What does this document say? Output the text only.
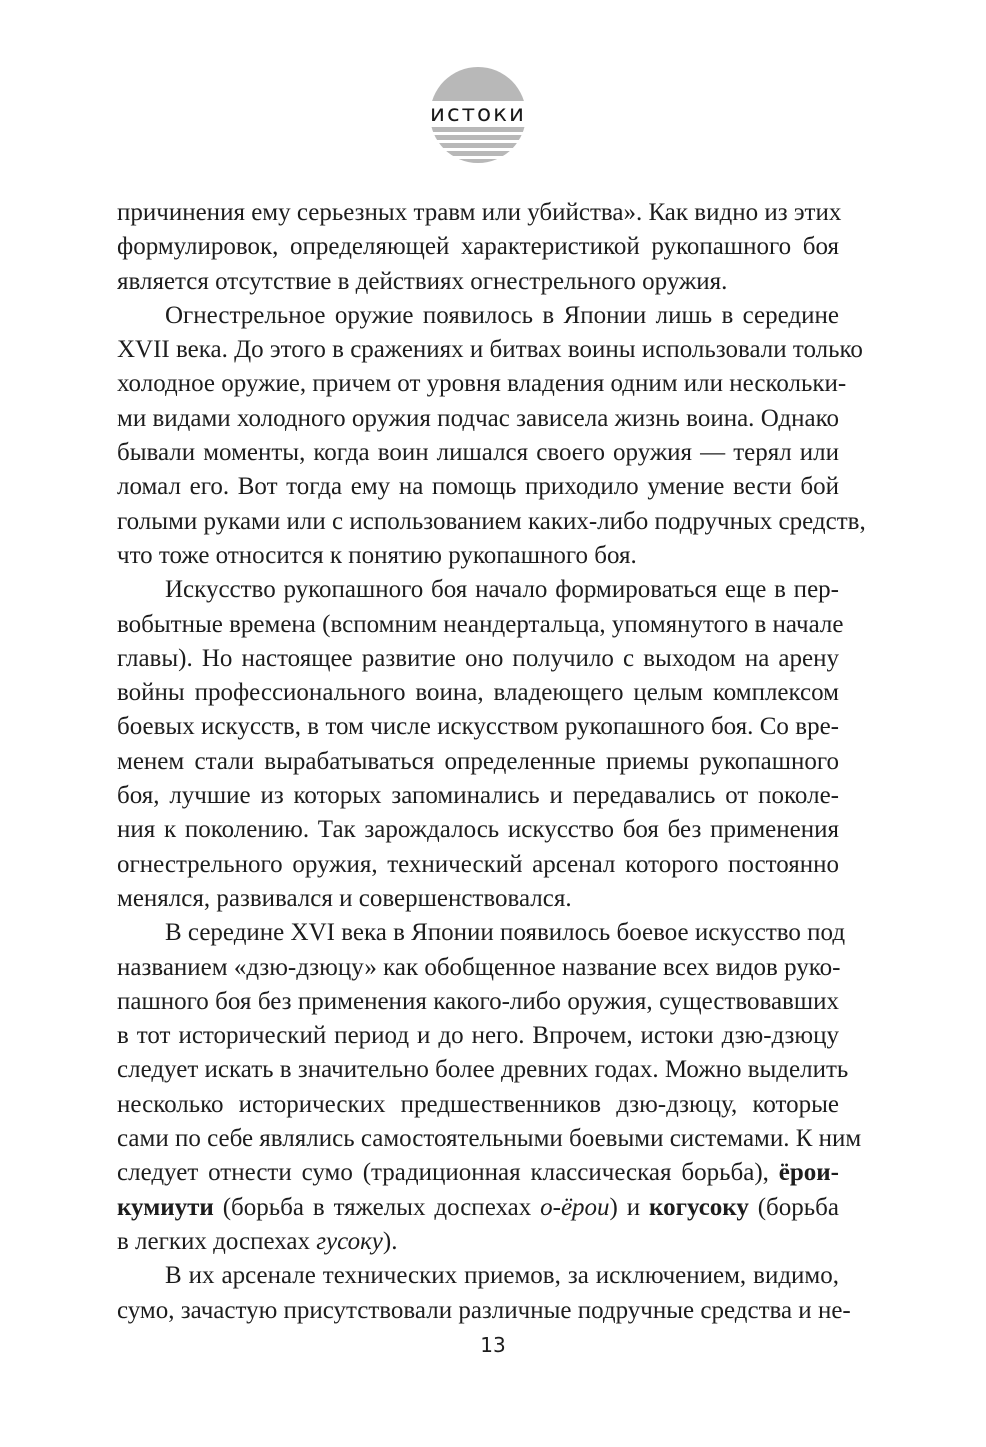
истоки
причинения ему серьезных травм или убийства». Как видно из этих
формулировок, определяющей характеристикой рукопашного боя
является отсутствие в действиях огнестрельного оружия.
Огнестрельное оружие появилось в Японии лишь в середине
XVII века. До этого в сражениях и битвах воины использовали только
холодное оружие, причем от уровня владения одним или нескольки-
ми видами холодного оружия подчас зависела жизнь воина. Однако
бывали моменты, когда воин лишался своего оружия — терял или
ломал его. Вот тогда ему на помощь приходило умение вести бой
голыми руками или с использованием каких-либо подручных средств,
что тоже относится к понятию рукопашного боя.
Искусство рукопашного боя начало формироваться еще в пер-
вобытные времена (вспомним неандертальца, упомянутого в начале
главы). Но настоящее развитие оно получило с выходом на арену
войны профессионального воина, владеющего целым комплексом
боевых искусств, в том числе искусством рукопашного боя. Со вре-
менем стали вырабатываться определенные приемы рукопашного
боя, лучшие из которых запоминались и передавались от поколе-
ния к поколению. Так зарождалось искусство боя без применения
огнестрельного оружия, технический арсенал которого постоянно
менялся, развивался и совершенствовался.
В середине XVI века в Японии появилось боевое искусство под
названием «дзю-дзюцу» как обобщенное название всех видов руко-
пашного боя без применения какого-либо оружия, существовавших
в тот исторический период и до него. Впрочем, истоки дзю-дзюцу
следует искать в значительно более древних годах. Можно выделить
несколько исторических предшественников дзю-дзюцу, которые
сами по себе являлись самостоятельными боевыми системами. К ним
следует отнести сумо (традиционная классическая борьба), ёрои-
кумиути (борьба в тяжелых доспехах о-ёрои) и когусоку (борьба
в легких доспехах гусоку).
В их арсенале технических приемов, за исключением, видимо,
сумо, зачастую присутствовали различные подручные средства и не-
13
